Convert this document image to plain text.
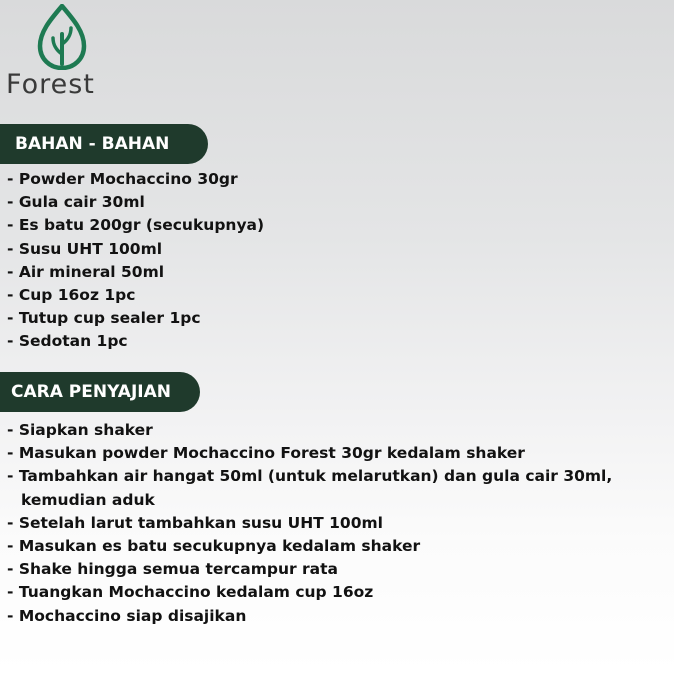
Forest
BAHAN - BAHAN
- Powder Mochaccino 30gr
- Gula cair 30ml
- Es batu 200gr (secukupnya)
- Susu UHT 100ml
- Air mineral 50ml
- Cup 16oz 1pc
- Tutup cup sealer 1pc
- Sedotan 1pc
CARA PENYAJIAN
- Siapkan shaker
- Masukan powder Mochaccino Forest 30gr kedalam shaker
- Tambahkan air hangat 50ml (untuk melarutkan) dan gula cair 30ml,
kemudian aduk
- Setelah larut tambahkan susu UHT 100ml
- Masukan es batu secukupnya kedalam shaker
- Shake hingga semua tercampur rata
- Tuangkan Mochaccino kedalam cup 16oz
- Mochaccino siap disajikan
